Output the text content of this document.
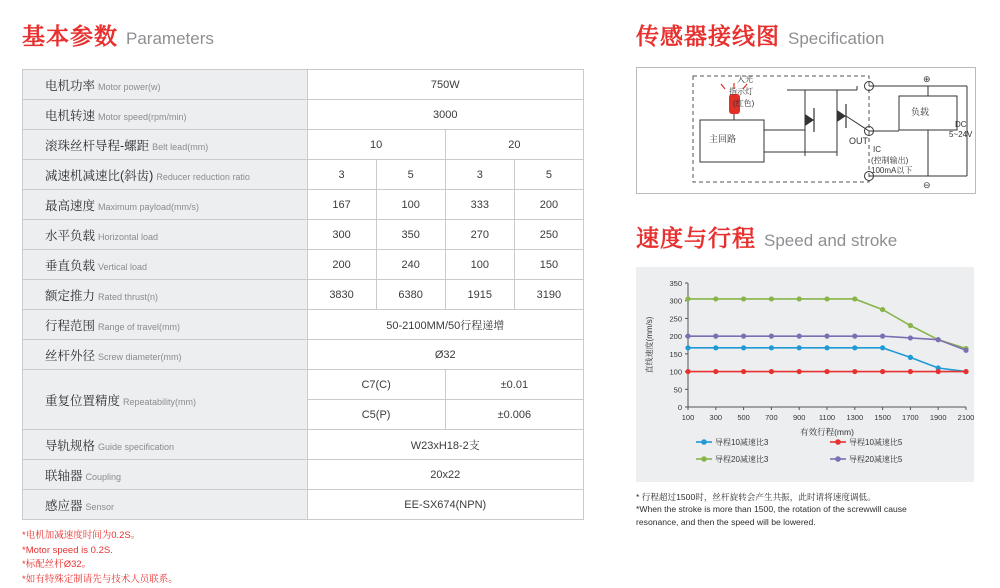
基本参数 Parameters
电机功率 Motor power(w)	750W			
电机转速 Motor speed(rpm/min)	3000			
滚珠丝杆导程-螺距 Belt lead(mm)	10		20	
减速机减速比(斜齿) Reducer reduction ratio	3	5	3	5
最高速度 Maximum payload(mm/s)	167	100	333	200
水平负载 Horizontal load	300	350	270	250
垂直负载 Vertical load	200	240	100	150
额定推力 Rated thrust(n)	3830	6380	1915	3190
行程范围 Range of travel(mm)	50-2100MM/50行程递增			
丝杆外径 Screw diameter(mm)	Ø32			
重复位置精度 Repeatability(mm)	C7(C)		±0.01	
	C5(P)		±0.006	
导轨规格 Guide specification	W23xH18-2支			
联轴器 Coupling	20x22			
感应器 Sensor	EE-SX674(NPN)			
*电机加减速度时间为0.2S。
*Motor speed is 0.2S.
*标配丝杆Ø32。
*如有特殊定制请先与技术人员联系。
传感器接线图 Specification
⊕
⊖
入光
指示灯
(红色)
主回路	OUT
IC
负载
DC
5~24V
(控制输出)
100mA以下
速度与行程 Speed and stroke
0
50
100
150
200
250
300
350
100 300 500 700 900 1100 1300 1500 1700 1900 2100
直线速度(mm/s)
有效行程(mm)
导程10减速比3	导程10减速比5
导程20减速比3	导程20减速比5
* 行程超过1500时，丝杆旋转会产生共振，此时请将速度调低。
*When the stroke is more than 1500, the rotation of the screwwill cause
resonance, and then the speed will be lowered.
